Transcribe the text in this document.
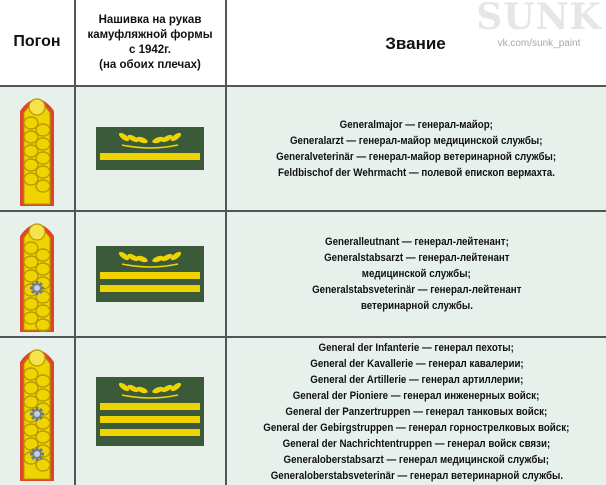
Погон
Нашивка на рукав
камуфляжной формы
с 1942г.
(на обоих плечах)
Звание
SUNK
vk.com/sunk_paint
Generalmajor — генерал-майор;
Generalarzt — генерал-майор медицинской службы;
Generalveterinär — генерал-майор ветеринарной службы;
Feldbischof der Wehrmacht — полевой епископ вермахта.
Generalleutnant — генерал-лейтенант;
Generalstabsarzt — генерал-лейтенант
медицинской службы;
Generalstabsveterinär — генерал-лейтенант
ветеринарной службы.
General der Infanterie — генерал пехоты;
General der Kavallerie — генерал кавалерии;
General der Artillerie — генерал артиллерии;
General der Pioniere — генерал инженерных войск;
General der Panzertruppen — генерал танковых войск;
General der Gebirgstruppen — генерал горнострелковых войск;
General der Nachrichtentruppen — генерал войск связи;
Generaloberstabsarzt — генерал медицинской службы;
Generaloberstabsveterinär — генерал ветеринарной службы.
